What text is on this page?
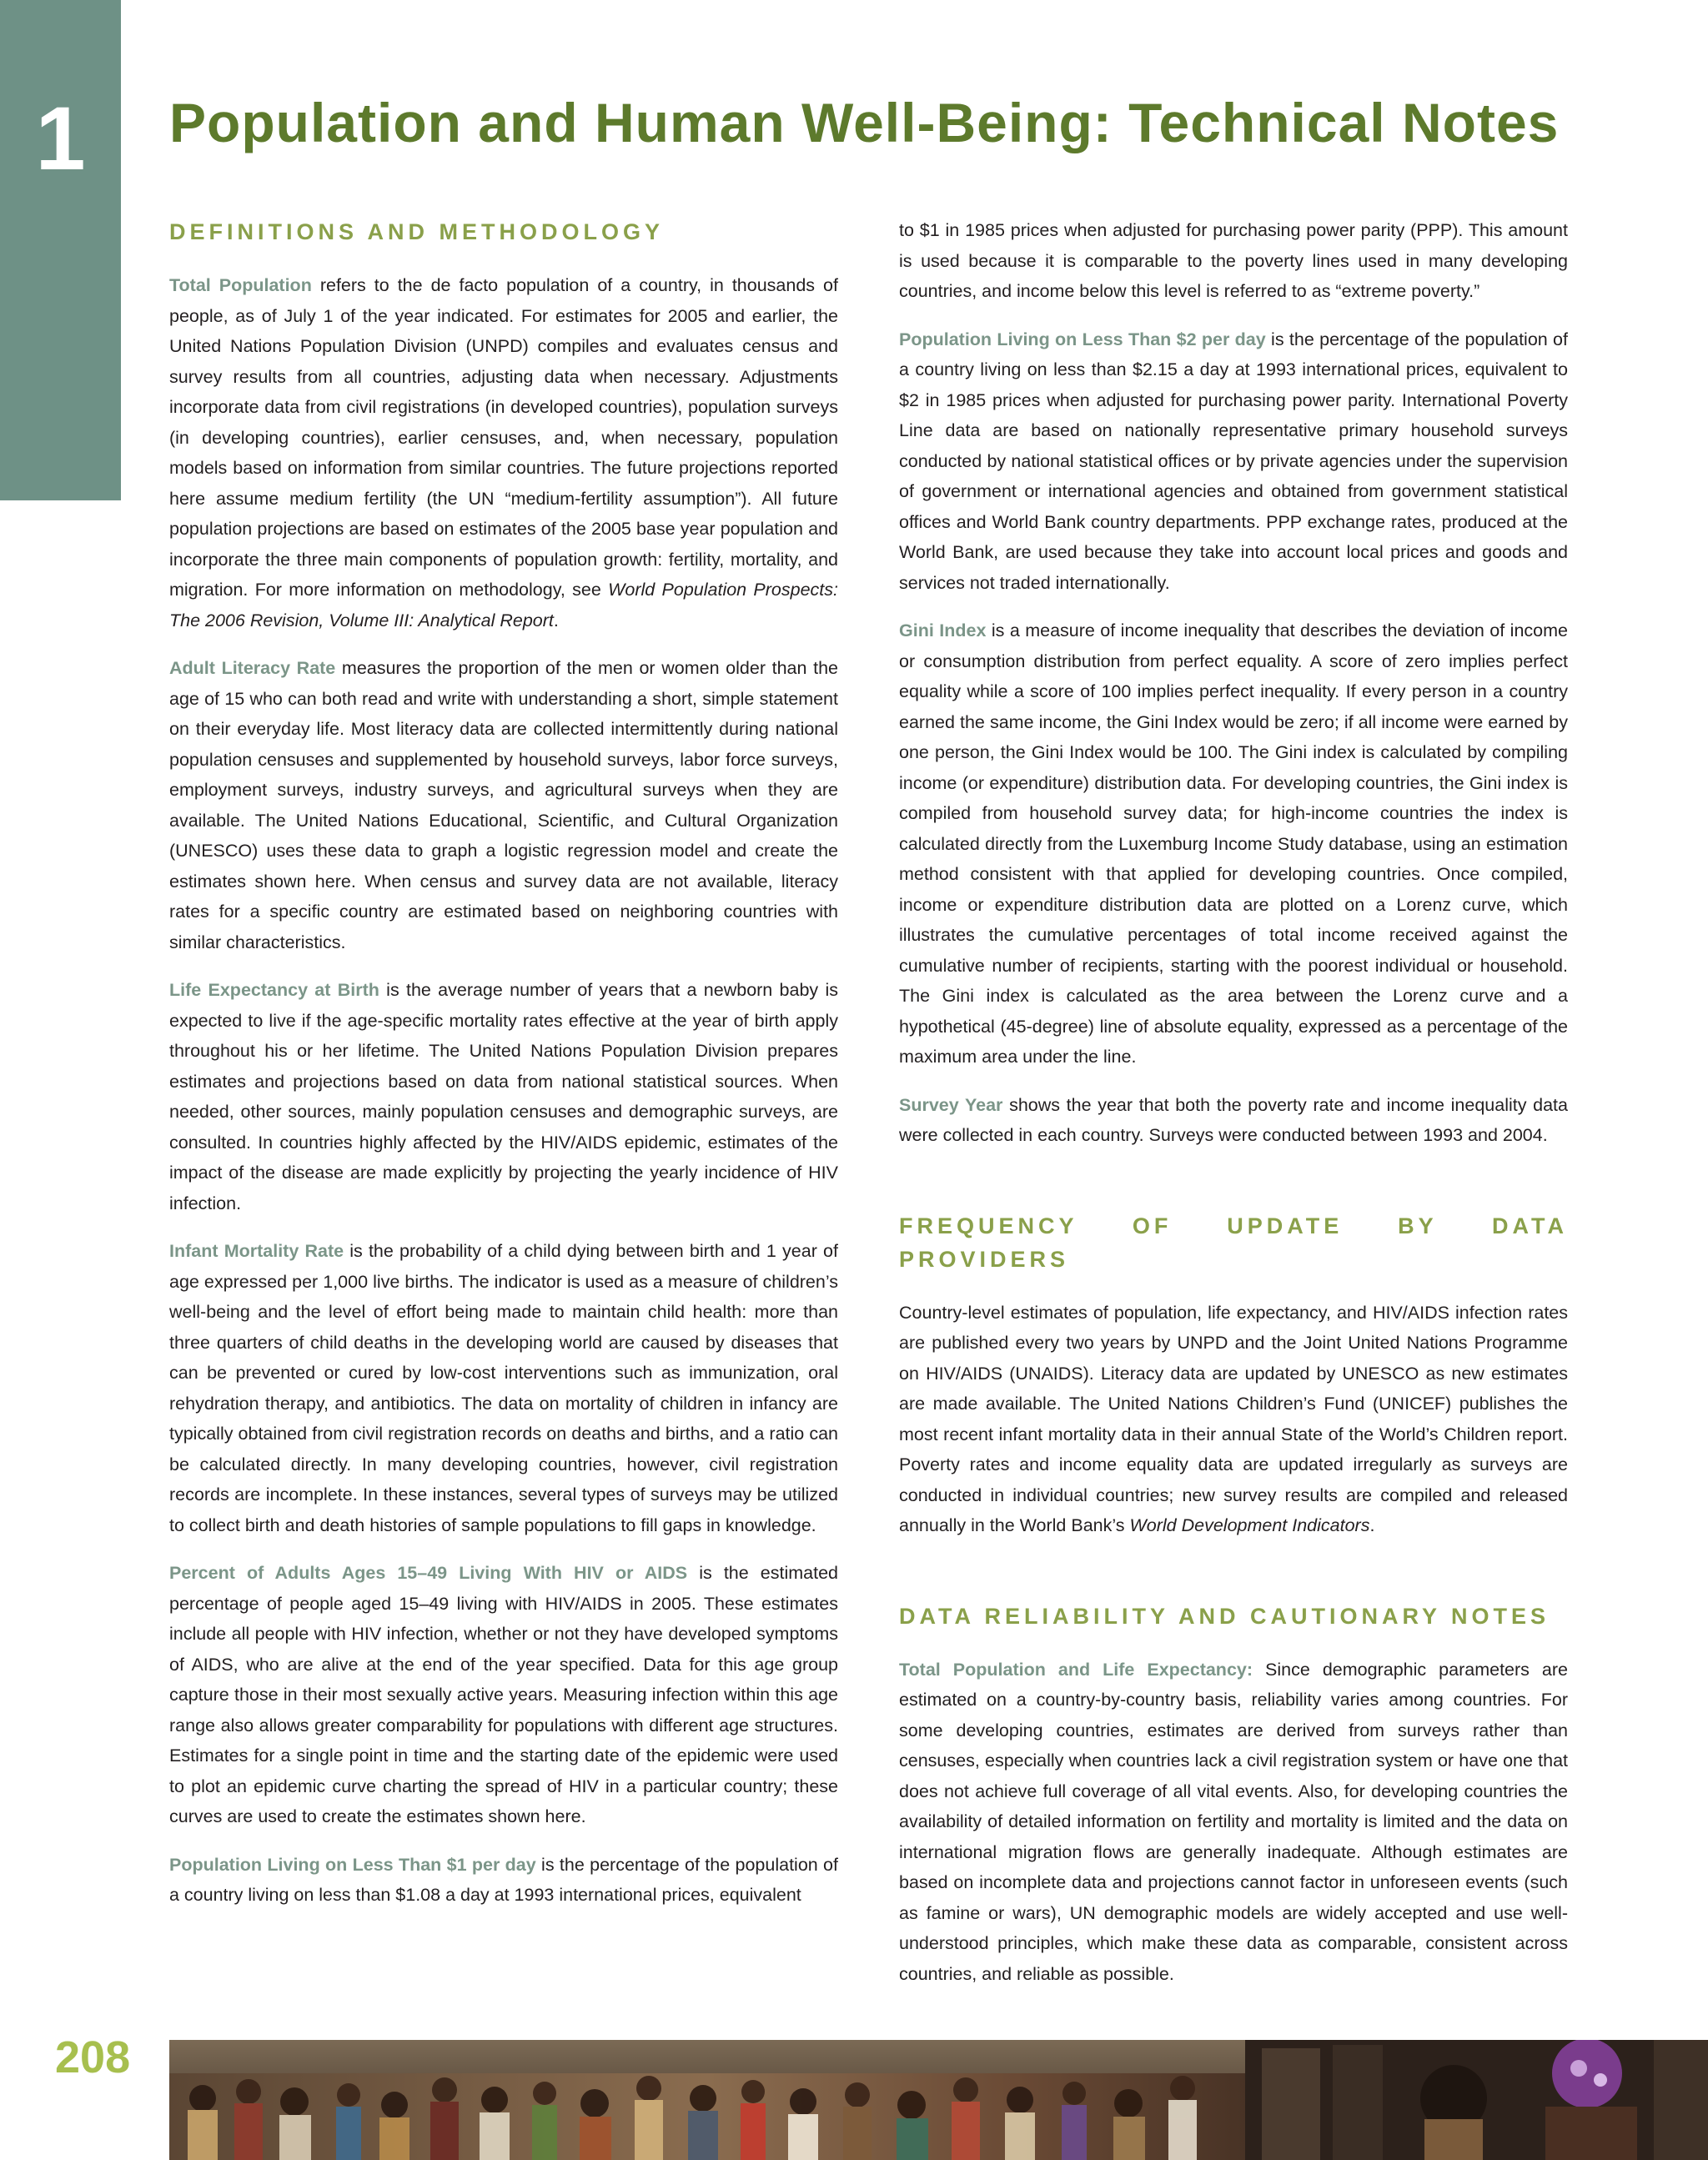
1	Population and Human Well-Being: Technical Notes
DEFINITIONS AND METHODOLOGY

Total Population refers to the de facto population of a country, in thousands of people, as of July 1 of the year indicated. For estimates for 2005 and earlier, the United Nations Population Division (UNPD) compiles and evaluates census and survey results from all countries, adjusting data when necessary. Adjustments incorporate data from civil registrations (in developed countries), population surveys (in developing countries), earlier censuses, and, when necessary, population models based on information from similar countries. The future projections reported here assume medium fertility (the UN “medium-fertility assumption”). All future population projections are based on estimates of the 2005 base year population and incorporate the three main components of population growth: fertility, mortality, and migration. For more information on methodology, see World Population Prospects: The 2006 Revision, Volume III: Analytical Report.

Adult Literacy Rate measures the proportion of the men or women older than the age of 15 who can both read and write with understanding a short, simple statement on their everyday life. Most literacy data are collected intermittently during national population censuses and supplemented by household surveys, labor force surveys, employment surveys, industry surveys, and agricultural surveys when they are available. The United Nations Educational, Scientific, and Cultural Organization (UNESCO) uses these data to graph a logistic regression model and create the estimates shown here. When census and survey data are not available, literacy rates for a specific country are estimated based on neighboring countries with similar characteristics.

Life Expectancy at Birth is the average number of years that a newborn baby is expected to live if the age-specific mortality rates effective at the year of birth apply throughout his or her lifetime. The United Nations Population Division prepares estimates and projections based on data from national statistical sources. When needed, other sources, mainly population censuses and demographic surveys, are consulted. In countries highly affected by the HIV/AIDS epidemic, estimates of the impact of the disease are made explicitly by projecting the yearly incidence of HIV infection.

Infant Mortality Rate is the probability of a child dying between birth and 1 year of age expressed per 1,000 live births. The indicator is used as a measure of children’s well-being and the level of effort being made to maintain child health: more than three quarters of child deaths in the developing world are caused by diseases that can be prevented or cured by low-cost interventions such as immunization, oral rehydration therapy, and antibiotics. The data on mortality of children in infancy are typically obtained from civil registration records on deaths and births, and a ratio can be calculated directly. In many developing countries, however, civil registration records are incomplete. In these instances, several types of surveys may be utilized to collect birth and death histories of sample populations to fill gaps in knowledge.

Percent of Adults Ages 15–49 Living With HIV or AIDS is the estimated percentage of people aged 15–49 living with HIV/AIDS in 2005. These estimates include all people with HIV infection, whether or not they have developed symptoms of AIDS, who are alive at the end of the year specified. Data for this age group capture those in their most sexually active years. Measuring infection within this age range also allows greater comparability for populations with different age structures. Estimates for a single point in time and the starting date of the epidemic were used to plot an epidemic curve charting the spread of HIV in a particular country; these curves are used to create the estimates shown here.

Population Living on Less Than $1 per day is the percentage of the population of a country living on less than $1.08 a day at 1993 international prices, equivalent

to $1 in 1985 prices when adjusted for purchasing power parity (PPP). This amount is used because it is comparable to the poverty lines used in many developing countries, and income below this level is referred to as “extreme poverty.”

Population Living on Less Than $2 per day is the percentage of the population of a country living on less than $2.15 a day at 1993 international prices, equivalent to $2 in 1985 prices when adjusted for purchasing power parity. International Poverty Line data are based on nationally representative primary household surveys conducted by national statistical offices or by private agencies under the supervision of government or international agencies and obtained from government statistical offices and World Bank country departments. PPP exchange rates, produced at the World Bank, are used because they take into account local prices and goods and services not traded internationally.

Gini Index is a measure of income inequality that describes the deviation of income or consumption distribution from perfect equality. A score of zero implies perfect equality while a score of 100 implies perfect inequality. If every person in a country earned the same income, the Gini Index would be zero; if all income were earned by one person, the Gini Index would be 100. The Gini index is calculated by compiling income (or expenditure) distribution data. For developing countries, the Gini index is compiled from household survey data; for high-income countries the index is calculated directly from the Luxemburg Income Study database, using an estimation method consistent with that applied for developing countries. Once compiled, income or expenditure distribution data are plotted on a Lorenz curve, which illustrates the cumulative percentages of total income received against the cumulative number of recipients, starting with the poorest individual or household. The Gini index is calculated as the area between the Lorenz curve and a hypothetical (45-degree) line of absolute equality, expressed as a percentage of the maximum area under the line.

Survey Year shows the year that both the poverty rate and income inequality data were collected in each country. Surveys were conducted between 1993 and 2004.

FREQUENCY OF UPDATE BY DATA PROVIDERS

Country-level estimates of population, life expectancy, and HIV/AIDS infection rates are published every two years by UNPD and the Joint United Nations Programme on HIV/AIDS (UNAIDS). Literacy data are updated by UNESCO as new estimates are made available. The United Nations Children’s Fund (UNICEF) publishes the most recent infant mortality data in their annual State of the World’s Children report. Poverty rates and income equality data are updated irregularly as surveys are conducted in individual countries; new survey results are compiled and released annually in the World Bank’s World Development Indicators.

DATA RELIABILITY AND CAUTIONARY NOTES

Total Population and Life Expectancy: Since demographic parameters are estimated on a country-by-country basis, reliability varies among countries. For some developing countries, estimates are derived from surveys rather than censuses, especially when countries lack a civil registration system or have one that does not achieve full coverage of all vital events. Also, for developing countries the availability of detailed information on fertility and mortality is limited and the data on international migration flows are generally inadequate. Although estimates are based on incomplete data and projections cannot factor in unforeseen events (such as famine or wars), UN demographic models are widely accepted and use well-understood principles, which make these data as comparable, consistent across countries, and reliable as possible.

208
